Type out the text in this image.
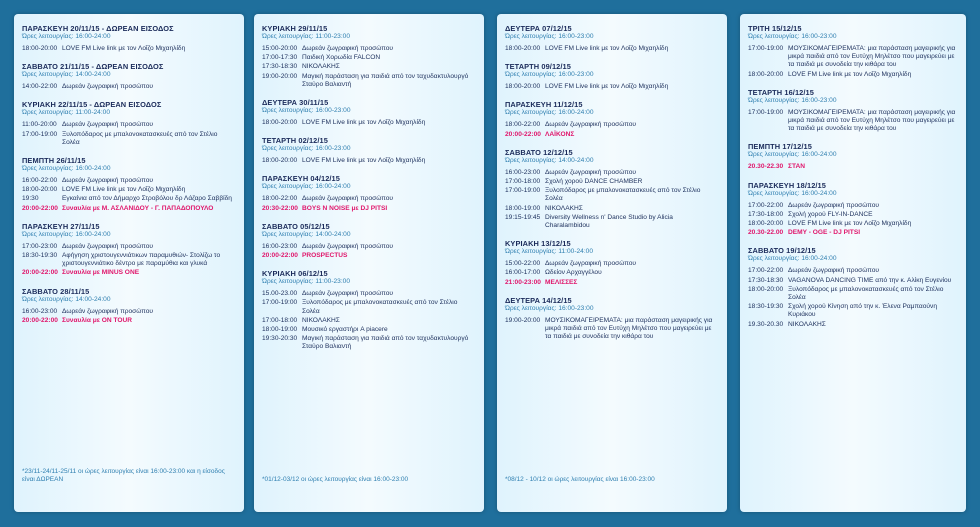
ΠΑΡΑΣΚΕΥΗ 20/11/15 - ΔΩΡΕΑΝ ΕΙΣΟΔΟΣ
Ώρες λειτουργίας: 16:00-24:00
18:00-20:00 LOVE FM Live link με τον Λοΐζο Μιχαηλίδη
ΣΑΒΒΑΤΟ 21/11/15 - ΔΩΡΕΑΝ ΕΙΣΟΔΟΣ
Ώρες λειτουργίας: 14:00-24:00
14:00-22:00 Δωρεάν ζωγραφική προσώπου
ΚΥΡΙΑΚΗ 22/11/15 - ΔΩΡΕΑΝ ΕΙΣΟΔΟΣ
Ώρες λειτουργίας: 11:00-24:00
11:00-20:00 Δωρεάν ζωγραφική προσώπου
17:00-19:00 Ξυλοπόδαρος με μπαλονοκατασκευές από τον Στέλιο Σολέα
ΠΕΜΠΤΗ 26/11/15
Ώρες λειτουργίας: 16:00-24:00
16:00-22:00 Δωρεάν ζωγραφική προσώπου
18:00-20:00 LOVE FM Live link με τον Λοΐζο Μιχαηλίδη
19:30	Εγκαίνια από τον Δήμαρχο Στροβόλου δρ Λάζαρο Σαββίδη
20:00-22:00 Συναυλία με Μ. ΑΣΛΑΝΙΔΟΥ - Γ. ΠΑΠΑΔΟΠΟΥΛΟ
ΠΑΡΑΣΚΕΥΗ 27/11/15
Ώρες λειτουργίας: 16:00-24:00
17:00-23:00 Δωρεάν ζωγραφική προσώπου
18:30-19:30 Αφήγηση χριστουγεννιάτικων παραμυθιών- Στολίζω το χριστουγεννιάτικο δέντρο με παραμύθια και γλυκά
20:00-22:00 Συναυλία με MINUS ONE
ΣΑΒΒΑΤΟ 28/11/15
Ώρες λειτουργίας: 14:00-24:00
16:00-23:00 Δωρεάν ζωγραφική προσώπου
20:00-22:00 Συναυλία με ON TOUR
*23/11-24/11-25/11 οι ώρες λειτουργίας είναι 16:00-23:00 και η είσοδος είναι ΔΩΡΕΑΝ
ΚΥΡΙΑΚΗ 29/11/15
Ώρες λειτουργίας: 11:00-23:00
15:00-20:00 Δωρεάν ζωγραφική προσώπου
17:00-17:30 Παιδική Χορωδία FALCON
17:30-18:30 ΝΙΚΟΛΑΚΗΣ
19:00-20:00 Μαγική παράσταση για παιδιά από τον ταχυδακτυλουργό Σταύρο Βαλιαντή
ΔΕΥΤΕΡΑ 30/11/15
Ώρες λειτουργίας: 16:00-23:00
18:00-20:00 LOVE FM Live link με τον Λοΐζο Μιχαηλίδη
ΤΕΤΑΡΤΗ 02/12/15
Ώρες λειτουργίας: 16:00-23:00
18:00-20:00 LOVE FM Live link με τον Λοΐζο Μιχαηλίδη
ΠΑΡΑΣΚΕΥΗ 04/12/15
Ώρες λειτουργίας: 16:00-24:00
18:00-22:00 Δωρεάν ζωγραφική προσώπου
20:30-22:00 BOYS N NOISE με DJ PITSI
ΣΑΒΒΑΤΟ 05/12/15
Ώρες λειτουργίας: 14:00-24:00
16:00-23:00 Δωρεάν ζωγραφική προσώπου
20:00-22:00 PROSPECTUS
ΚΥΡΙΑΚΗ 06/12/15
Ώρες λειτουργίας: 11:00-23:00
15.00-23.00 Δωρεάν ζωγραφική προσώπου
17:00-19:00 Ξυλοπόδαρος με μπαλονοκατασκευές από τον Στέλιο Σολέα
17:00-18:00 ΝΙΚΟΛΑΚΗΣ
18:00-19:00 Μουσικό εργαστήρι A piacere
19:30-20:30 Μαγική παράσταση για παιδιά από τον ταχυδακτυλουργό Σταύρο Βαλιαντή
*01/12-03/12 οι ώρες λειτουργίας είναι 16:00-23:00
ΔΕΥΤΕΡΑ 07/12/15
Ώρες λειτουργίας: 16:00-23:00
18:00-20:00 LOVE FM Live link με τον Λοΐζο Μιχαηλίδη
ΤΕΤΑΡΤΗ 09/12/15
Ώρες λειτουργίας: 16:00-23:00
18:00-20:00 LOVE FM Live link με τον Λοΐζο Μιχαηλίδη
ΠΑΡΑΣΚΕΥΗ 11/12/15
Ώρες λειτουργίας: 16:00-24:00
18:00-22:00 Δωρεάν ζωγραφική προσώπου
20:00-22:00 ΛΑΪΚΟΝΣ
ΣΑΒΒΑΤΟ 12/12/15
Ώρες λειτουργίας: 14:00-24:00
16:00-23:00 Δωρεάν ζωγραφική προσώπου
17:00-18:00 Σχολή χορού DANCE CHAMBER
17:00-19:00 Ξυλοπόδαρος με μπαλονοκατασκευές από τον Στέλιο Σολέα
18:00-19:00 ΝΙΚΟΛΑΚΗΣ
19:15-19:45 Diversity Wellness n' Dance Studio by Alicia Charalambidou
ΚΥΡΙΑΚΗ 13/12/15
Ώρες λειτουργίας: 11:00-24:00
15:00-22:00 Δωρεάν ζωγραφική προσώπου
16:00-17:00 Ωδείον Αρχαγγέλου
21:00-23:00 ΜΕΛΙΣΣΕΣ
ΔΕΥΤΕΡΑ 14/12/15
Ώρες λειτουργίας: 16:00-23:00
19:00-20:00 ΜΟΥΣΙΚΟΜΑΓΕΙΡΕΜΑΤΑ: μια παράσταση μαγειρικής για μικρά παιδιά από τον Ευτύχη Μηλέτσο που μαγειρεύει με τα παιδιά με συνοδεία την κιθάρα του
*08/12 - 10/12 οι ώρες λειτουργίας είναι 16:00-23:00
ΤΡΙΤΗ 15/12/15
Ώρες λειτουργίας: 16:00-23:00
17:00-19:00 ΜΟΥΣΙΚΟΜΑΓΕΙΡΕΜΑΤΑ: μια παράσταση μαγειρικής για μικρά παιδιά από τον Ευτύχη Μηλέτσο που μαγειρεύει με τα παιδιά με συνοδεία την κιθάρα του
18:00-20:00 LOVE FM Live link με τον Λοΐζο Μιχαηλίδη
ΤΕΤΑΡΤΗ 16/12/15
Ώρες λειτουργίας: 16:00-23:00
17:00-19:00 ΜΟΥΣΙΚΟΜΑΓΕΙΡΕΜΑΤΑ: μια παράσταση μαγειρικής για μικρά παιδιά από τον Ευτύχη Μηλέτσο που μαγειρεύει με τα παιδιά με συνοδεία την κιθάρα του
ΠΕΜΠΤΗ 17/12/15
Ώρες λειτουργίας: 16:00-24:00
20.30-22.30 ΣΤΑΝ
ΠΑΡΑΣΚΕΥΗ 18/12/15
Ώρες λειτουργίας: 16:00-24:00
17:00-22:00 Δωρεάν ζωγραφική προσώπου
17:30-18:00 Σχολή χορού FLY-IN-DANCE
18:00-20:00 LOVE FM Live link με τον Λοΐζο Μιχαηλίδη
20.30-22.00 DEMY - OGE - DJ PITSI
ΣΑΒΒΑΤΟ 19/12/15
Ώρες λειτουργίας: 16:00-24:00
17:00-22:00 Δωρεάν ζωγραφική προσώπου
17:30-18:30 VAGANOVA DANCING TIME από την κ. Αλίκη Ευγενίου
18:00-20:00 Ξυλοπόδαρος με μπαλονοκατασκευές από τον Στέλιο Σολέα
18:30-19:30 Σχολή χορού Κίνηση από την κ. Έλενα Ραμπαούνη Κυριάκου
19.30-20.30 ΝΙΚΟΛΑΚΗΣ
